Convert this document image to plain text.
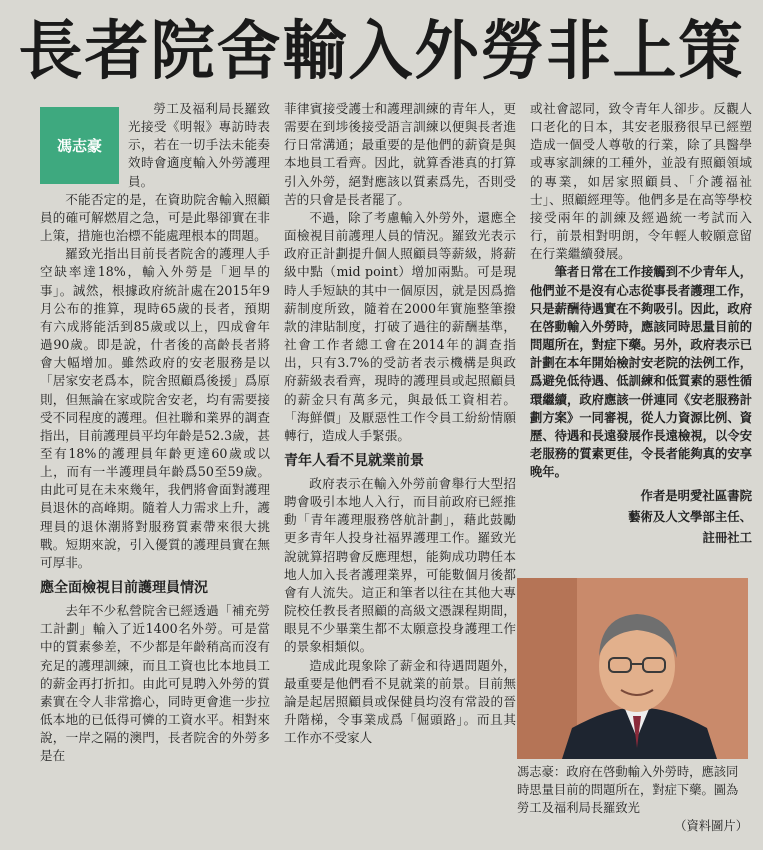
長者院舍輸入外勞非上策
馮志豪

勞工及福利局長羅致光接受《明報》專訪時表示，若在一切手法未能奏效時會適度輸入外勞護理員。

不能否定的是，在資助院舍輸入照顧員的確可解燃眉之急，可是此舉卻實在非上策，措施也治標不能處理根本的問題。

羅致光指出目前長者院舍的護理人手空缺率達18%，輸入外勞是「迴旱的事」。誠然，根據政府統計處在2015年9月公布的推算，現時65歲的長者，預期有六成將能活到85歲或以上，四成會年過90歲。即是說，什者後的高齡長者將會大幅增加。雖然政府的安老服務是以「居家安老爲本，院舍照顧爲後援」爲原則，但無論在家或院舍安老，均有需要接受不同程度的護理。但社聯和業界的調查指出，目前護理員平均年齡是52.3歲，甚至有18%的護理員年齡更達60歲或以上，而有一半護理員年齡爲50至59歲。由此可見在未來幾年，我們將會面對護理員退休的高峰期。隨着人力需求上升，護理員的退休潮將對服務質素帶來很大挑戰。短期來說，引入優質的護理員實在無可厚非。

應全面檢視目前護理員情況

去年不少私營院舍已經透過「補充勞工計劃」輸入了近1400名外勞。可是當中的質素參差，不少都是年齡稍高而沒有充足的護理訓練，而且工資也比本地員工的薪金再打折扣。由此可見聘入外勞的質素實在令人非常擔心，同時更會進一步拉低本地的已低得可憐的工資水平。相對來說，一岸之隔的澳門，長者院舍的外勞多是在

菲律賓接受護士和護理訓練的青年人，更需要在到埗後接受語言訓練以便與長者進行日常溝通；最重要的是他們的薪資是與本地員工看齊。因此，就算香港真的打算引入外勞，絕對應該以質素爲先，否則受苦的只會是長者罷了。

不過，除了考慮輸入外勞外，還應全面檢視目前護理人員的情況。羅致光表示政府正計劃提升個人照顧員等薪級，將薪級中點（mid point）增加兩點。可是現時人手短缺的其中一個原因，就是因爲擔薪制度所致，隨着在2000年實施整筆撥款的津貼制度，打破了過往的薪酬基準，社會工作者總工會在2014年的調查指出，只有3.7%的受訪者表示機構是與政府薪級表看齊，現時的護理員或起照顧員的薪金只有萬多元，與最低工資相若。「海鮮價」及厭惡性工作令員工紛紛情願轉行，造成人手緊張。

青年人看不見就業前景

政府表示在輸入外勞前會舉行大型招聘會吸引本地人入行，而目前政府已經推動「青年護理服務啓航計劃」，藉此鼓勵更多青年人投身社福界護理工作。羅致光說就算招聘會反應理想，能夠成功聘任本地人加入長者護理業界，可能數個月後都會有人流失。這正和筆者以往在其他大專院校任教長者照顧的高級文憑課程期間，眼見不少畢業生都不太願意投身護理工作的景象相類似。

造成此現象除了薪金和待遇問題外，最重要是他們看不見就業的前景。目前無論是起居照顧員或保健員均沒有常設的晉升階梯，令事業成爲「倔頭路」。而且其工作亦不受家人

或社會認同，致令青年人卻步。反觀人口老化的日本，其安老服務很早已經塑造成一個受人尊敬的行業，除了具醫學或專家訓練的工種外，並設有照顧領域的專業，如居家照顧員、「介護福祉士」、照顧經理等。他們多是在高等學校接受兩年的訓練及經過統一考試而入行，前景相對明朗，令年輕人較願意留在行業繼續發展。

筆者日常在工作接觸到不少青年人，他們並不是沒有心志從事長者護理工作，只是薪酬待遇實在不夠吸引。因此，政府在啓動輸入外勞時，應該同時思量目前的問題所在，對症下藥。另外，政府表示已計劃在本年開始檢討安老院的法例工作，爲避免低待遇、低訓練和低質素的惡性循環繼續，政府應該一併連同《安老服務計劃方案》一同審視，從人力資源比例、資歷、待遇和長遠發展作長遠檢視，以令安老服務的質素更佳，令長者能夠真的安享晚年。

作者是明愛社區書院
藝術及人文學部主任、
註冊社工
馮志豪：政府在啓動輸入外勞時，應該同時思量目前的問題所在，對症下藥。圖為勞工及福利局長羅致光
（資料圖片）
